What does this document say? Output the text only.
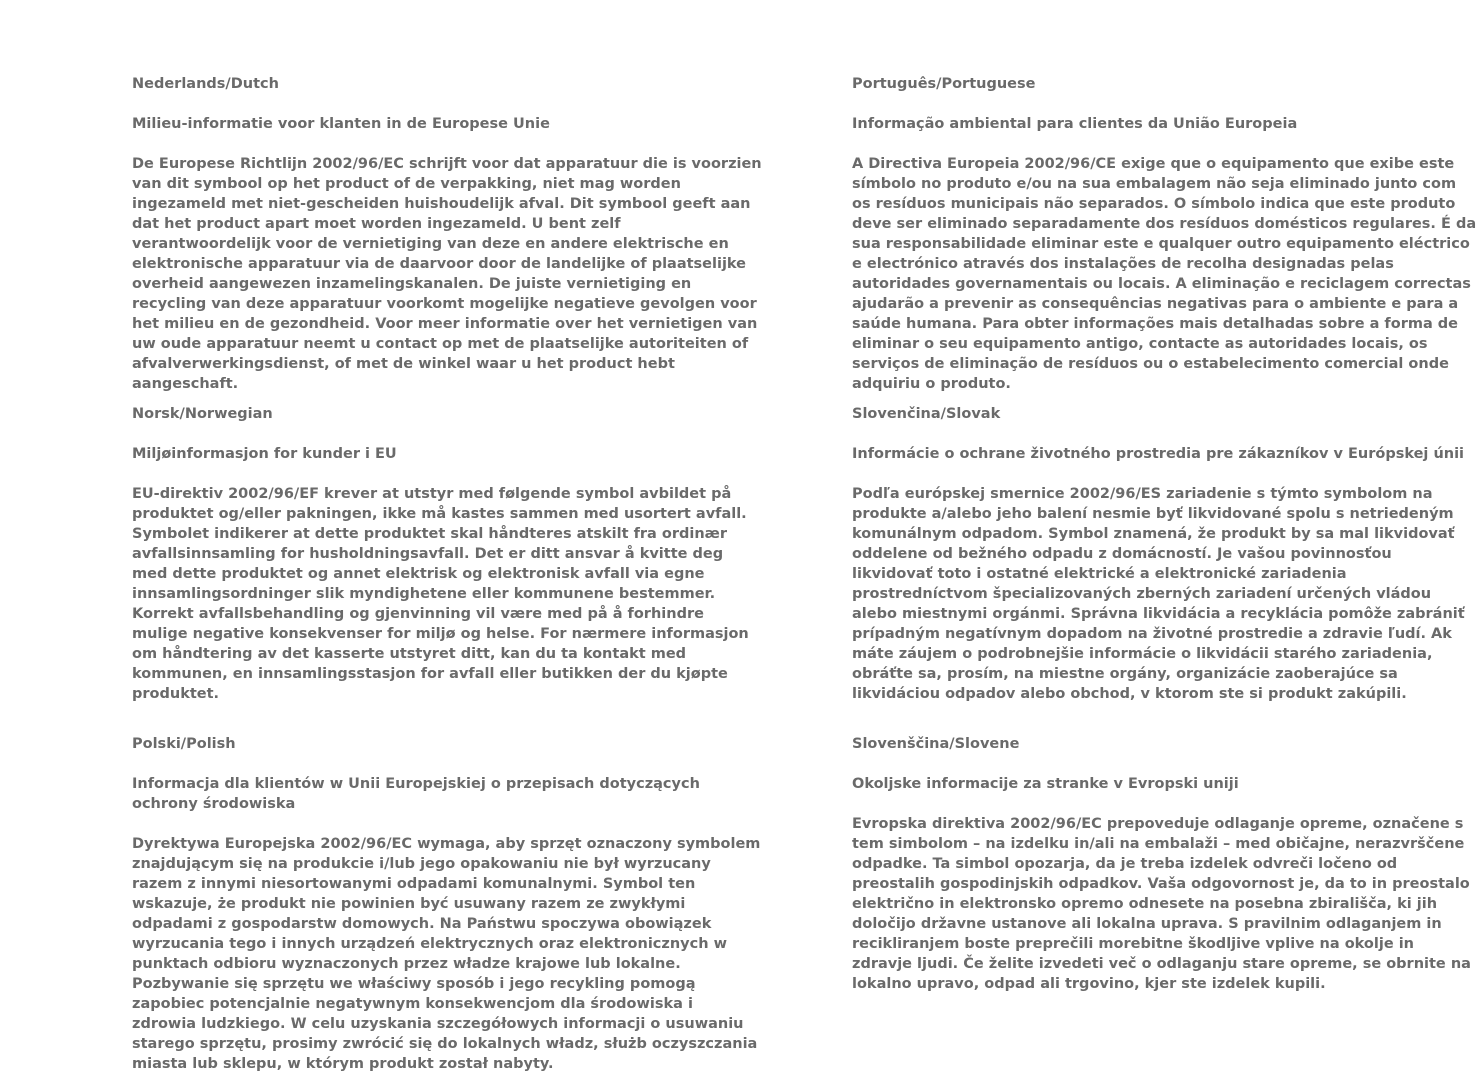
Nederlands/Dutch

Milieu-informatie voor klanten in de Europese Unie

De Europese Richtlijn 2002/96/EC schrijft voor dat apparatuur die is voorzien van dit symbool op het product of de verpakking, niet mag worden ingezameld met niet-gescheiden huishoudelijk afval. Dit symbool geeft aan dat het product apart moet worden ingezameld. U bent zelf verantwoordelijk voor de vernietiging van deze en andere elektrische en elektronische apparatuur via de daarvoor door de landelijke of plaatselijke overheid aangewezen inzamelingskanalen. De juiste vernietiging en recycling van deze apparatuur voorkomt mogelijke negatieve gevolgen voor het milieu en de gezondheid. Voor meer informatie over het vernietigen van uw oude apparatuur neemt u contact op met de plaatselijke autoriteiten of afvalverwerkingsdienst, of met de winkel waar u het product hebt aangeschaft.

Norsk/Norwegian

Miljøinformasjon for kunder i EU

EU-direktiv 2002/96/EF krever at utstyr med følgende symbol avbildet på produktet og/eller pakningen, ikke må kastes sammen med usortert avfall. Symbolet indikerer at dette produktet skal håndteres atskilt fra ordinær avfallsinnsamling for husholdningsavfall. Det er ditt ansvar å kvitte deg med dette produktet og annet elektrisk og elektronisk avfall via egne innsamlingsordninger slik myndighetene eller kommunene bestemmer. Korrekt avfallsbehandling og gjenvinning vil være med på å forhindre mulige negative konsekvenser for miljø og helse. For nærmere informasjon om håndtering av det kasserte utstyret ditt, kan du ta kontakt med kommunen, en innsamlingsstasjon for avfall eller butikken der du kjøpte produktet.

Polski/Polish

Informacja dla klientów w Unii Europejskiej o przepisach dotyczących ochrony środowiska

Dyrektywa Europejska 2002/96/EC wymaga, aby sprzęt oznaczony symbolem znajdującym się na produkcie i/lub jego opakowaniu nie był wyrzucany razem z innymi niesortowanymi odpadami komunalnymi. Symbol ten wskazuje, że produkt nie powinien być usuwany razem ze zwykłymi odpadami z gospodarstw domowych. Na Państwu spoczywa obowiązek wyrzucania tego i innych urządzeń elektrycznych oraz elektronicznych w punktach odbioru wyznaczonych przez władze krajowe lub lokalne. Pozbywanie się sprzętu we właściwy sposób i jego recykling pomogą zapobiec potencjalnie negatywnym konsekwencjom dla środowiska i zdrowia ludzkiego. W celu uzyskania szczegółowych informacji o usuwaniu starego sprzętu, prosimy zwrócić się do lokalnych władz, służb oczyszczania miasta lub sklepu, w którym produkt został nabyty.

Português/Portuguese

Informação ambiental para clientes da União Europeia

A Directiva Europeia 2002/96/CE exige que o equipamento que exibe este símbolo no produto e/ou na sua embalagem não seja eliminado junto com os resíduos municipais não separados. O símbolo indica que este produto deve ser eliminado separadamente dos resíduos domésticos regulares. É da sua responsabilidade eliminar este e qualquer outro equipamento eléctrico e electrónico através dos instalações de recolha designadas pelas autoridades governamentais ou locais. A eliminação e reciclagem correctas ajudarão a prevenir as consequências negativas para o ambiente e para a saúde humana. Para obter informações mais detalhadas sobre a forma de eliminar o seu equipamento antigo, contacte as autoridades locais, os serviços de eliminação de resíduos ou o estabelecimento comercial onde adquiriu o produto.

Slovenčina/Slovak

Informácie o ochrane životného prostredia pre zákazníkov v Európskej únii

Podľa európskej smernice 2002/96/ES zariadenie s týmto symbolom na produkte a/alebo jeho balení nesmie byť likvidované spolu s netriedeným komunálnym odpadom. Symbol znamená, že produkt by sa mal likvidovať oddelene od bežného odpadu z domácností. Je vašou povinnosťou likvidovať toto i ostatné elektrické a elektronické zariadenia prostredníctvom špecializovaných zberných zariadení určených vládou alebo miestnymi orgánmi. Správna likvidácia a recyklácia pomôže zabrániť prípadným negatívnym dopadom na životné prostredie a zdravie ľudí. Ak máte záujem o podrobnejšie informácie o likvidácii starého zariadenia, obráťte sa, prosím, na miestne orgány, organizácie zaoberajúce sa likvidáciou odpadov alebo obchod, v ktorom ste si produkt zakúpili.

Slovenščina/Slovene

Okoljske informacije za stranke v Evropski uniji

Evropska direktiva 2002/96/EC prepoveduje odlaganje opreme, označene s tem simbolom – na izdelku in/ali na embalaži – med običajne, nerazvrščene odpadke. Ta simbol opozarja, da je treba izdelek odvreči ločeno od preostalih gospodinjskih odpadkov. Vaša odgovornost je, da to in preostalo električno in elektronsko opremo odnesete na posebna zbirališča, ki jih določijo državne ustanove ali lokalna uprava. S pravilnim odlaganjem in recikliranjem boste preprečili morebitne škodljive vplive na okolje in zdravje ljudi. Če želite izvedeti več o odlaganju stare opreme, se obrnite na lokalno upravo, odpad ali trgovino, kjer ste izdelek kupili.
